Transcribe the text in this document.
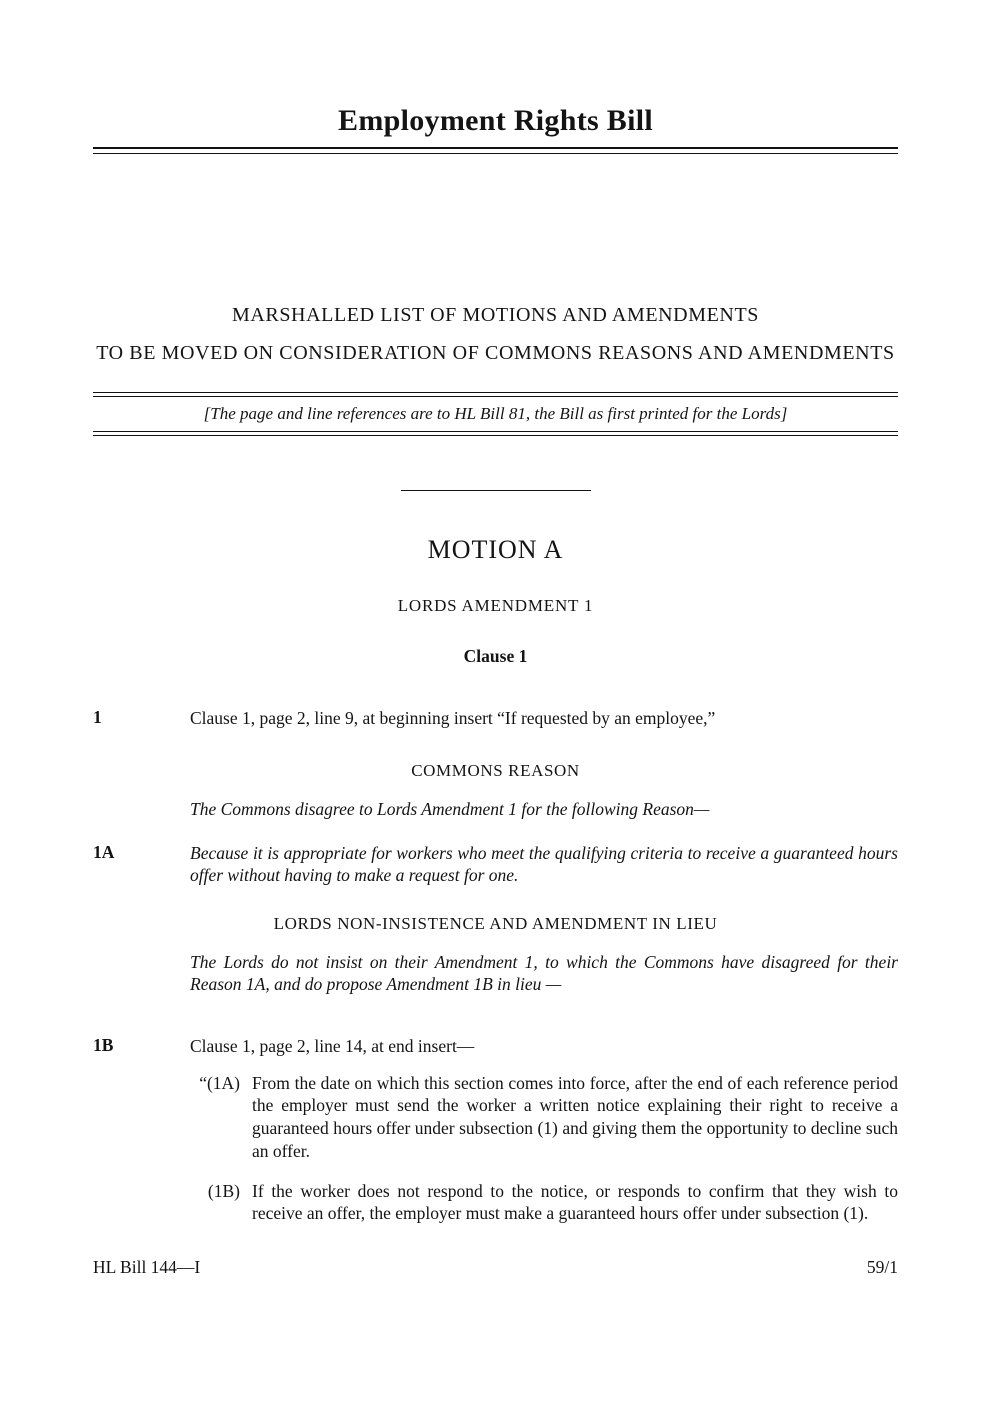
Employment Rights Bill
MARSHALLED LIST OF MOTIONS AND AMENDMENTS
TO BE MOVED ON CONSIDERATION OF COMMONS REASONS AND AMENDMENTS
[The page and line references are to HL Bill 81, the Bill as first printed for the Lords]
MOTION A
LORDS AMENDMENT 1
Clause 1
1	Clause 1, page 2, line 9, at beginning insert “If requested by an employee,”
COMMONS REASON
The Commons disagree to Lords Amendment 1 for the following Reason—
1A	Because it is appropriate for workers who meet the qualifying criteria to receive a guaranteed hours offer without having to make a request for one.
LORDS NON-INSISTENCE AND AMENDMENT IN LIEU
The Lords do not insist on their Amendment 1, to which the Commons have disagreed for their Reason 1A, and do propose Amendment 1B in lieu —
1B	Clause 1, page 2, line 14, at end insert—
“(1A) From the date on which this section comes into force, after the end of each reference period the employer must send the worker a written notice explaining their right to receive a guaranteed hours offer under subsection (1) and giving them the opportunity to decline such an offer.
(1B) If the worker does not respond to the notice, or responds to confirm that they wish to receive an offer, the employer must make a guaranteed hours offer under subsection (1).
HL Bill 144—I	59/1
